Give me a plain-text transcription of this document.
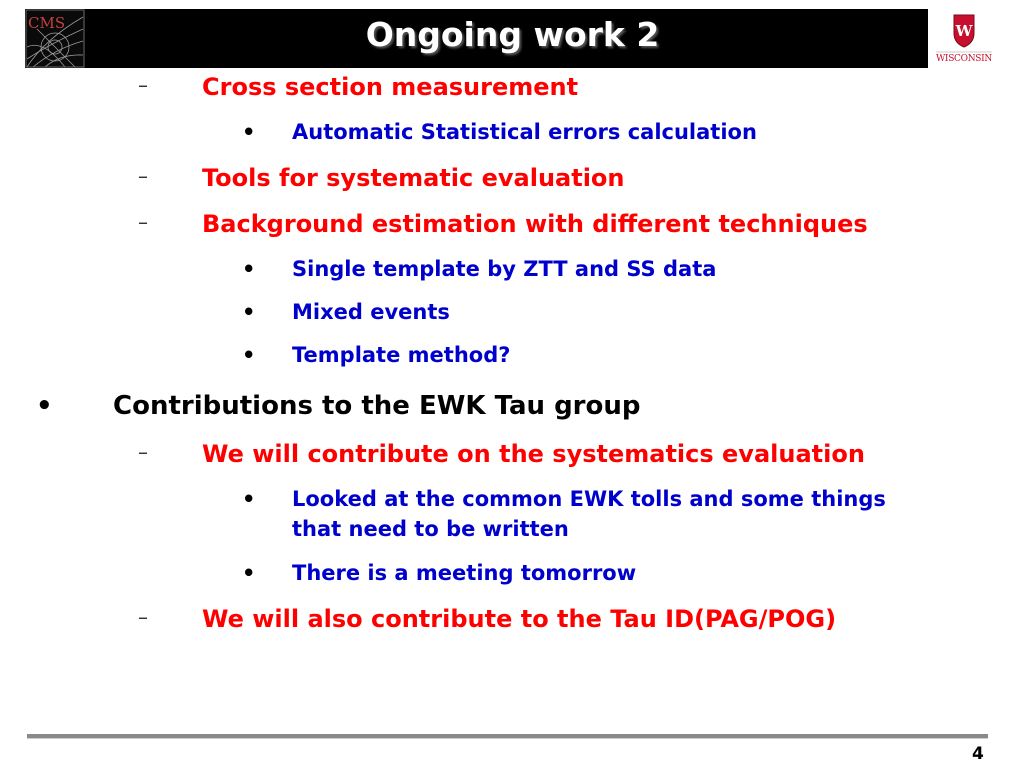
CMS	Ongoing work 2	W
WISCONSIN
– Cross section measurement
• Automatic Statistical errors calculation
– Tools for systematic evaluation
– Background estimation with different techniques
• Single template by ZTT and SS data
• Mixed events
• Template method?
• Contributions to the EWK Tau group
– We will contribute on the systematics evaluation
• Looked at the common EWK tolls and some things
that need to be written
• There is a meeting tomorrow
– We will also contribute to the Tau ID(PAG/POG)
4
